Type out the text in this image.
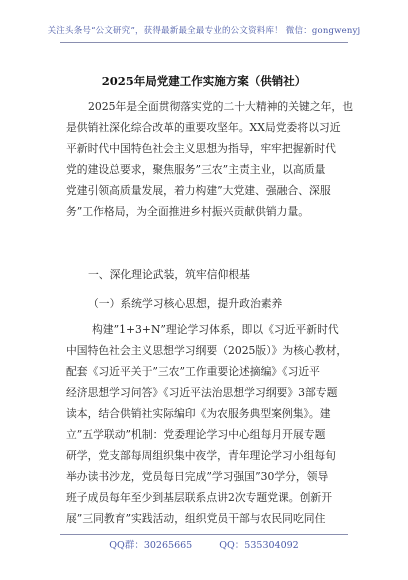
关注头条号“公文研究”，获得最新最全最专业的公文资料库！ 微信：gongwenyj
2025年局党建工作实施方案（供销社）
2025年是全面贯彻落实党的二十大精神的关键之年，也
是供销社深化综合改革的重要攻坚年。XX局党委将以习近
平新时代中国特色社会主义思想为指导，牢牢把握新时代
党的建设总要求，聚焦服务”三农”主责主业，以高质量
党建引领高质量发展，着力构建”大党建、强融合、深服
务”工作格局，为全面推进乡村振兴贡献供销力量。
一、深化理论武装，筑牢信仰根基
（一）系统学习核心思想，提升政治素养
构建”1+3+N”理论学习体系，即以《习近平新时代
中国特色社会主义思想学习纲要（2025版）》为核心教材，
配套《习近平关于”三农”工作重要论述摘编》《习近平
经济思想学习问答》《习近平法治思想学习纲要》3部专题
读本，结合供销社实际编印《为农服务典型案例集》。建
立”五学联动”机制：党委理论学习中心组每月开展专题
研学，党支部每周组织集中夜学，青年理论学习小组每旬
举办读书沙龙，党员每日完成”学习强国”30学分，领导
班子成员每年至少到基层联系点讲2次专题党课。创新开
展”三同教育”实践活动，组织党员干部与农民同吃同住
QQ群：30265665	QQ：535304092
